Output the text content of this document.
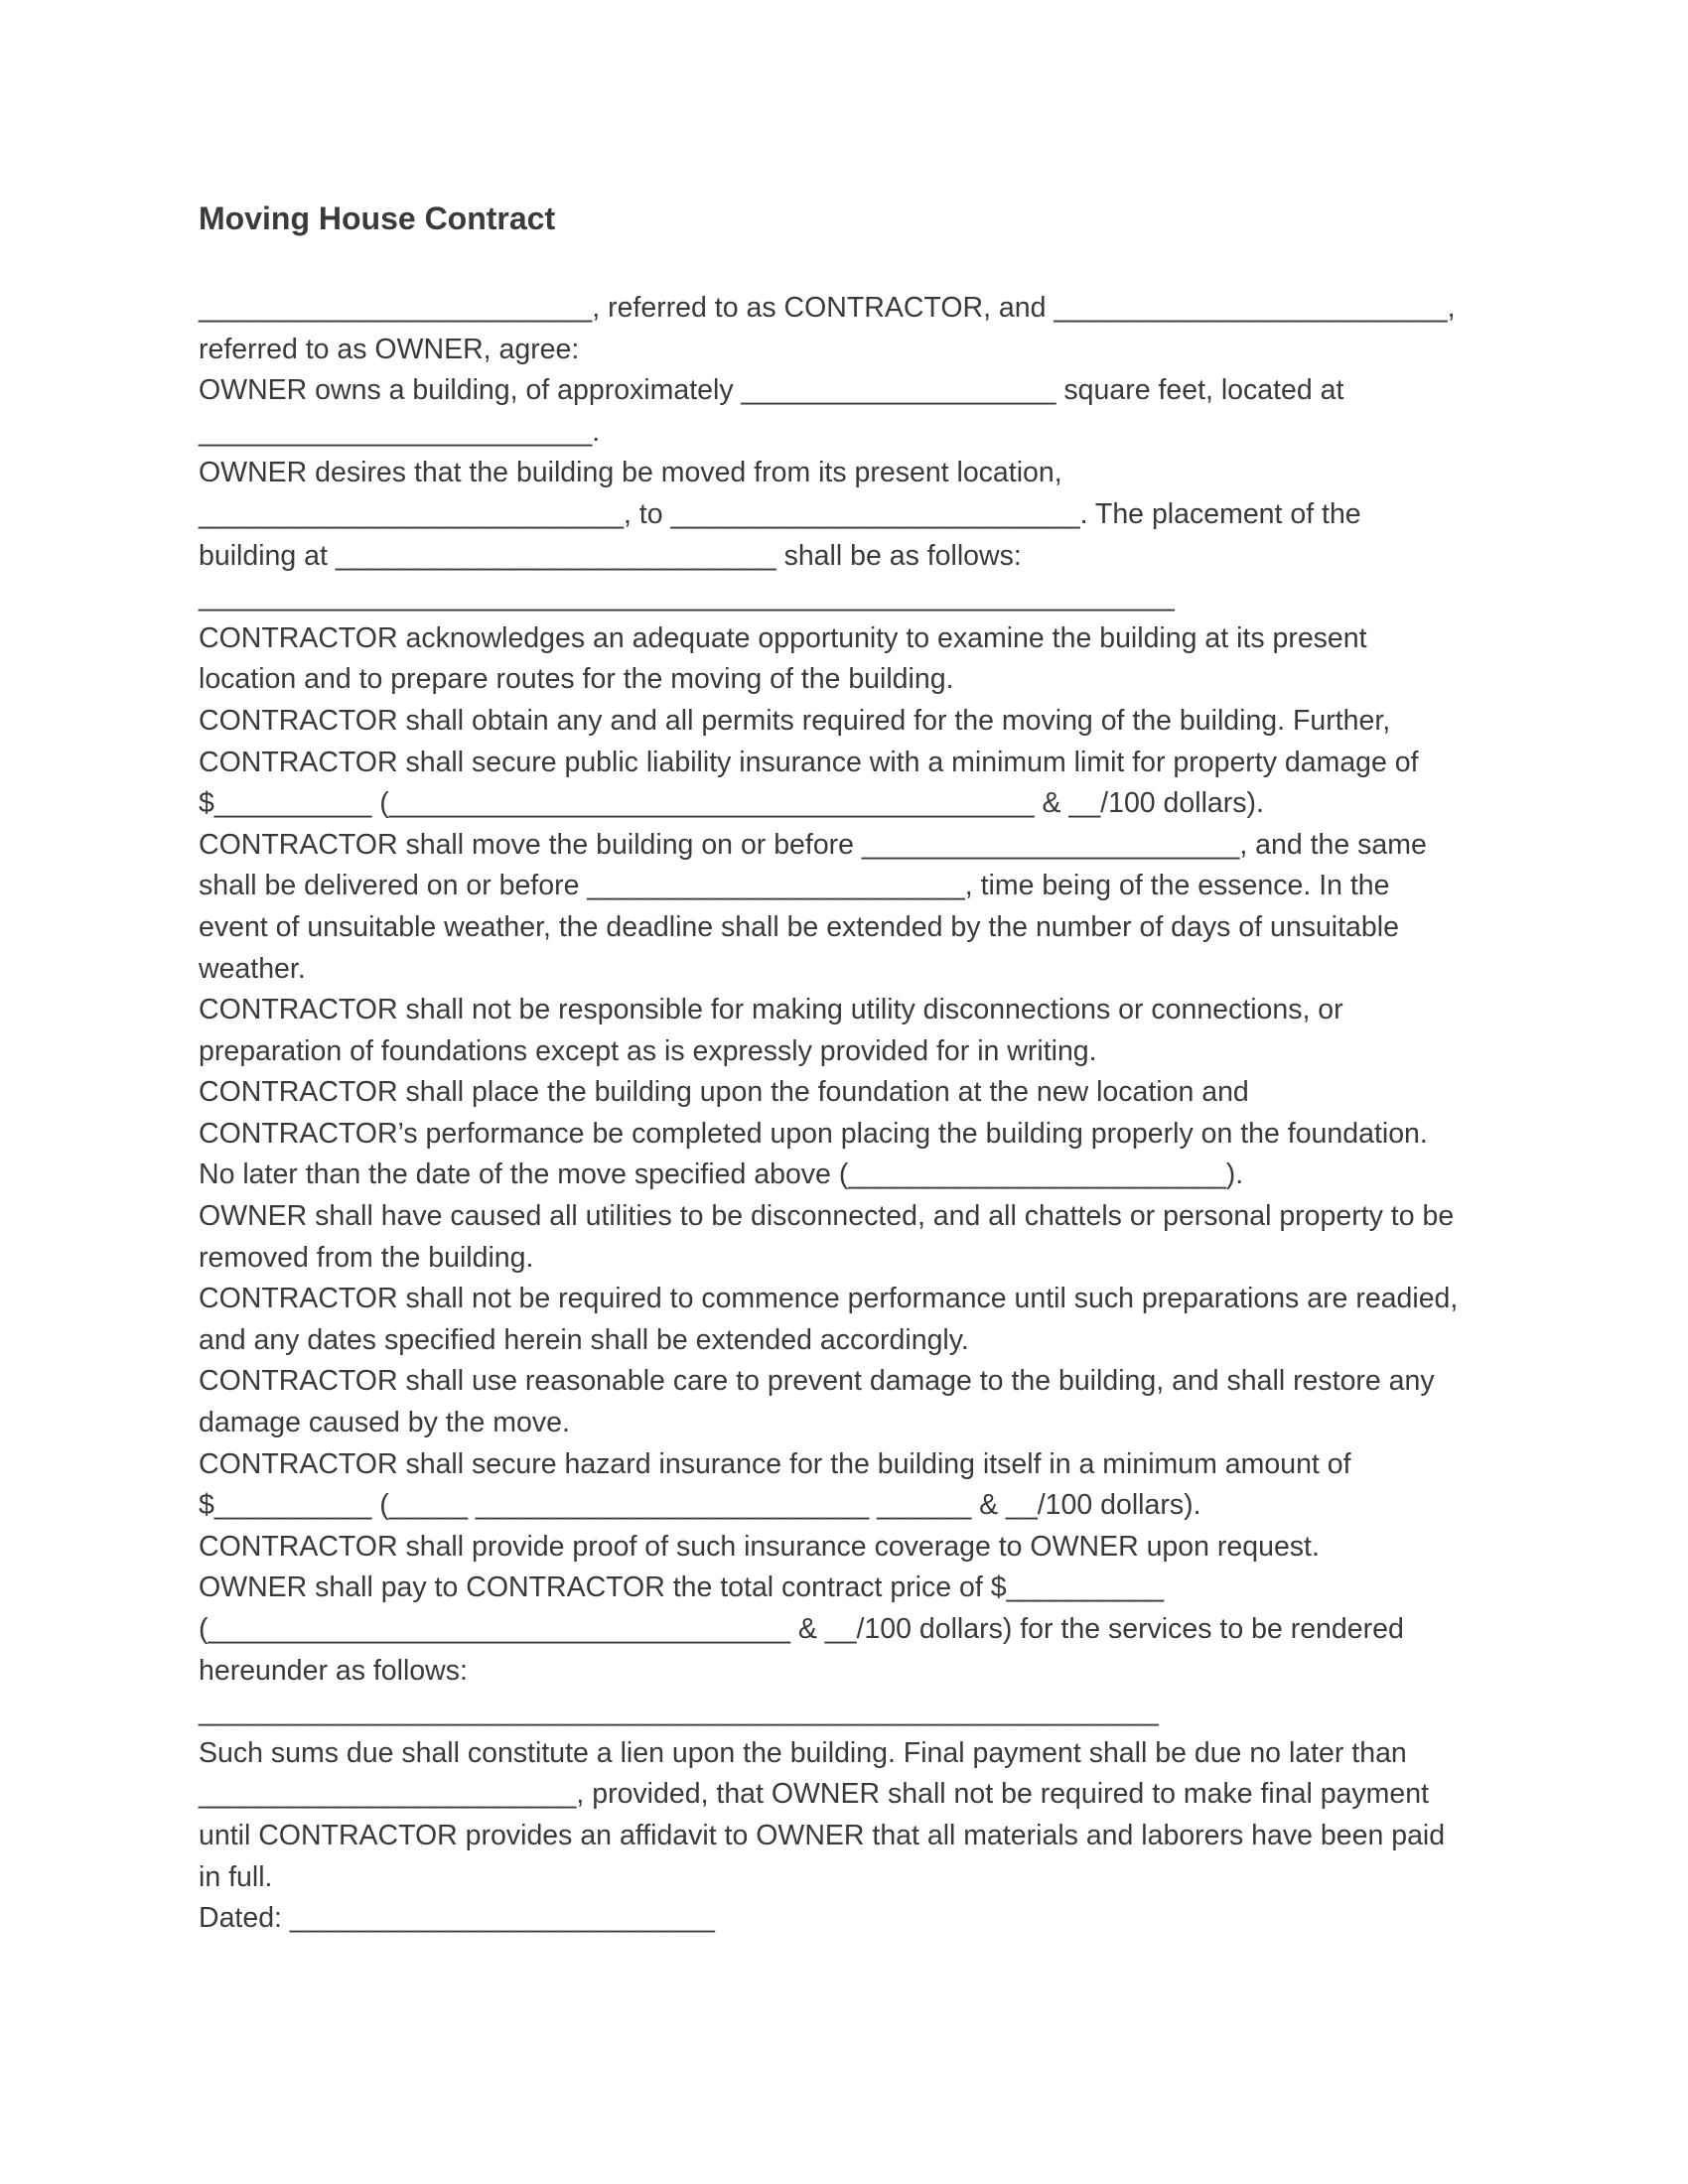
Moving House Contract
_________________________, referred to as CONTRACTOR, and _________________________,
referred to as OWNER, agree:
OWNER owns a building, of approximately ____________________ square feet, located at
_________________________.
OWNER desires that the building be moved from its present location,
___________________________, to __________________________. The placement of the
building at ____________________________ shall be as follows:
______________________________________________________________
CONTRACTOR acknowledges an adequate opportunity to examine the building at its present
location and to prepare routes for the moving of the building.
CONTRACTOR shall obtain any and all permits required for the moving of the building. Further,
CONTRACTOR shall secure public liability insurance with a minimum limit for property damage of
$__________ (_________________________________________ & __/100 dollars).
CONTRACTOR shall move the building on or before ________________________, and the same
shall be delivered on or before ________________________, time being of the essence. In the
event of unsuitable weather, the deadline shall be extended by the number of days of unsuitable
weather.
CONTRACTOR shall not be responsible for making utility disconnections or connections, or
preparation of foundations except as is expressly provided for in writing.
CONTRACTOR shall place the building upon the foundation at the new location and
CONTRACTOR’s performance be completed upon placing the building properly on the foundation.
No later than the date of the move specified above (________________________).
OWNER shall have caused all utilities to be disconnected, and all chattels or personal property to be
removed from the building.
CONTRACTOR shall not be required to commence performance until such preparations are readied,
and any dates specified herein shall be extended accordingly.
CONTRACTOR shall use reasonable care to prevent damage to the building, and shall restore any
damage caused by the move.
CONTRACTOR shall secure hazard insurance for the building itself in a minimum amount of
$__________ (_____ _________________________ ______ & __/100 dollars).
CONTRACTOR shall provide proof of such insurance coverage to OWNER upon request.
OWNER shall pay to CONTRACTOR the total contract price of $__________
(_____________________________________ & __/100 dollars) for the services to be rendered
hereunder as follows:
_____________________________________________________________
Such sums due shall constitute a lien upon the building. Final payment shall be due no later than
________________________, provided, that OWNER shall not be required to make final payment
until CONTRACTOR provides an affidavit to OWNER that all materials and laborers have been paid
in full.
Dated: ___________________________
